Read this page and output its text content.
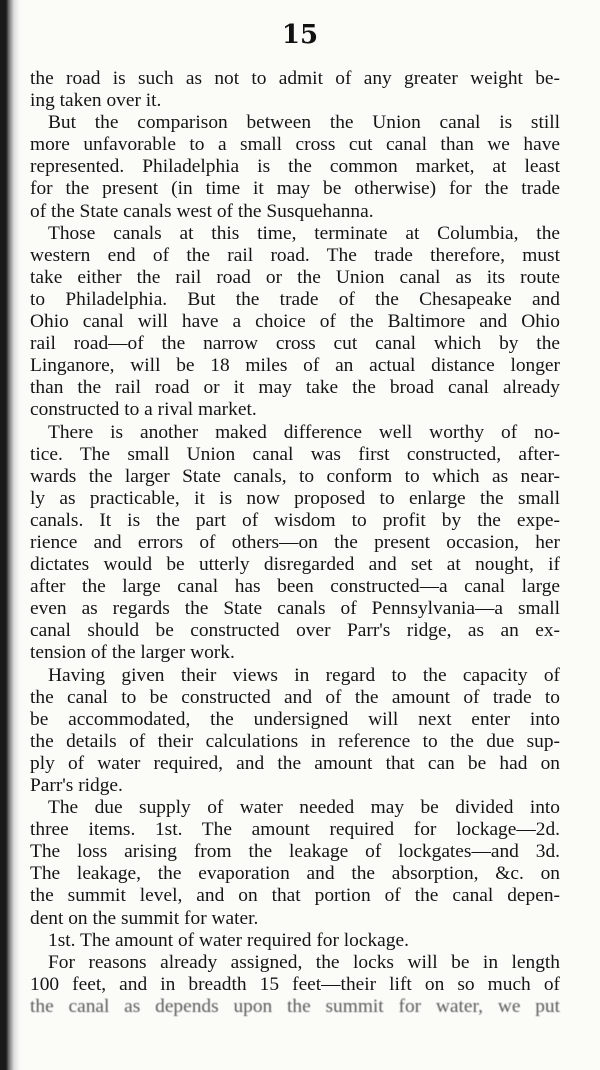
15
the road is such as not to admit of any greater weight be-
ing taken over it.
But the comparison between the Union canal is still
more unfavorable to a small cross cut canal than we have
represented. Philadelphia is the common market, at least
for the present (in time it may be otherwise) for the trade
of the State canals west of the Susquehanna.
Those canals at this time, terminate at Columbia, the
western end of the rail road. The trade therefore, must
take either the rail road or the Union canal as its route
to Philadelphia. But the trade of the Chesapeake and
Ohio canal will have a choice of the Baltimore and Ohio
rail road—of the narrow cross cut canal which by the
Linganore, will be 18 miles of an actual distance longer
than the rail road or it may take the broad canal already
constructed to a rival market.
There is another maked difference well worthy of no-
tice. The small Union canal was first constructed, after-
wards the larger State canals, to conform to which as near-
ly as practicable, it is now proposed to enlarge the small
canals. It is the part of wisdom to profit by the expe-
rience and errors of others—on the present occasion, her
dictates would be utterly disregarded and set at nought, if
after the large canal has been constructed—a canal large
even as regards the State canals of Pennsylvania—a small
canal should be constructed over Parr's ridge, as an ex-
tension of the larger work.
Having given their views in regard to the capacity of
the canal to be constructed and of the amount of trade to
be accommodated, the undersigned will next enter into
the details of their calculations in reference to the due sup-
ply of water required, and the amount that can be had on
Parr's ridge.
The due supply of water needed may be divided into
three items. 1st. The amount required for lockage—2d.
The loss arising from the leakage of lockgates—and 3d.
The leakage, the evaporation and the absorption, &c. on
the summit level, and on that portion of the canal depen-
dent on the summit for water.
1st. The amount of water required for lockage.
For reasons already assigned, the locks will be in length
100 feet, and in breadth 15 feet—their lift on so much of
the canal as depends upon the summit for water, we put
